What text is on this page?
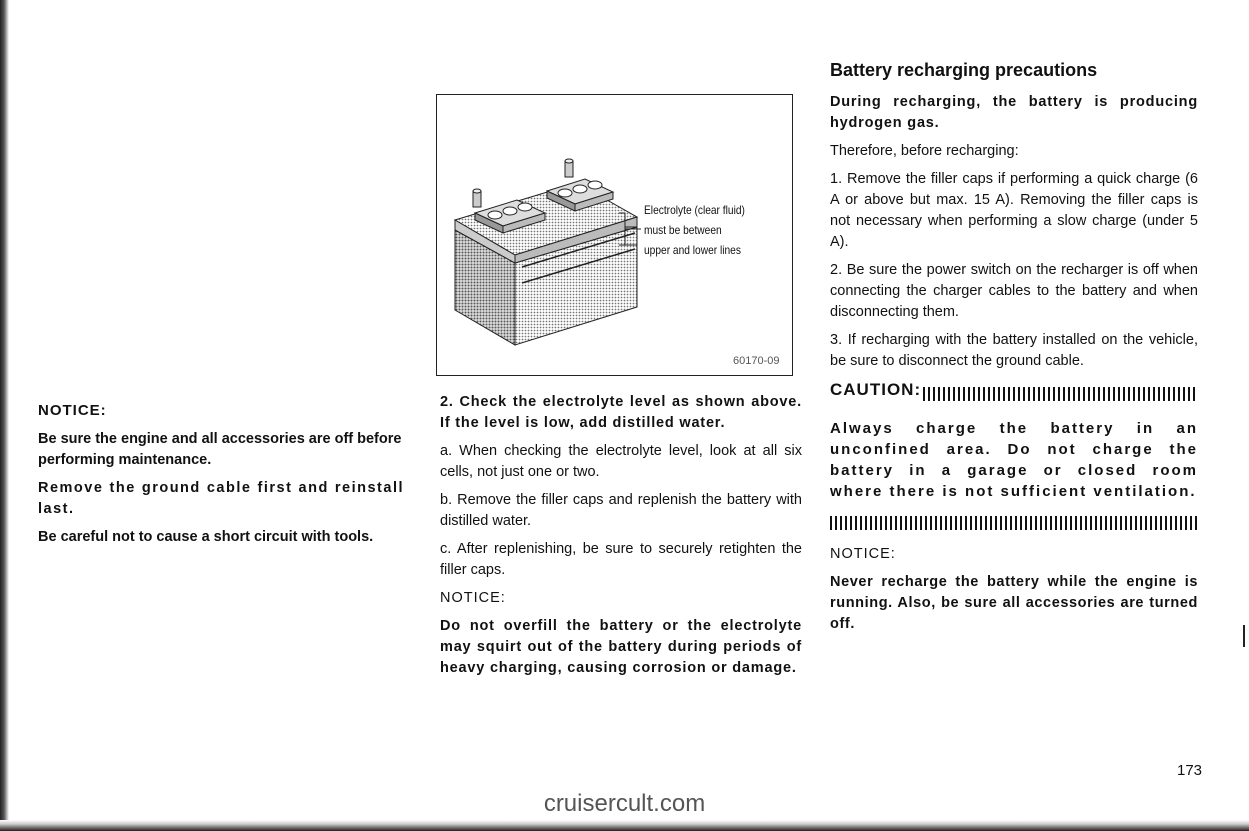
Electrolyte (clear fluid)
must be between
upper and lower lines
60170-09

NOTICE:

Be sure the engine and all accessories are off before performing maintenance.

Remove the ground cable first and reinstall last.

Be careful not to cause a short circuit with tools.

2. Check the electrolyte level as shown above. If the level is low, add distilled water.

a. When checking the electrolyte level, look at all six cells, not just one or two.

b. Remove the filler caps and replenish the battery with distilled water.

c. After replenishing, be sure to securely retighten the filler caps.

NOTICE:

Do not overfill the battery or the electrolyte may squirt out of the battery during periods of heavy charging, causing corrosion or damage.

Battery recharging precautions

During recharging, the battery is producing hydrogen gas.

Therefore, before recharging:

1. Remove the filler caps if performing a quick charge (6 A or above but max. 15 A). Removing the filler caps is not necessary when performing a slow charge (under 5 A).

2. Be sure the power switch on the recharger is off when connecting the charger cables to the battery and when disconnecting them.

3. If recharging with the battery installed on the vehicle, be sure to disconnect the ground cable.

CAUTION:

Always charge the battery in an unconfined area. Do not charge the battery in a garage or closed room where there is not sufficient ventilation.

NOTICE:

Never recharge the battery while the engine is running. Also, be sure all accessories are turned off.

173
cruisercult.com
